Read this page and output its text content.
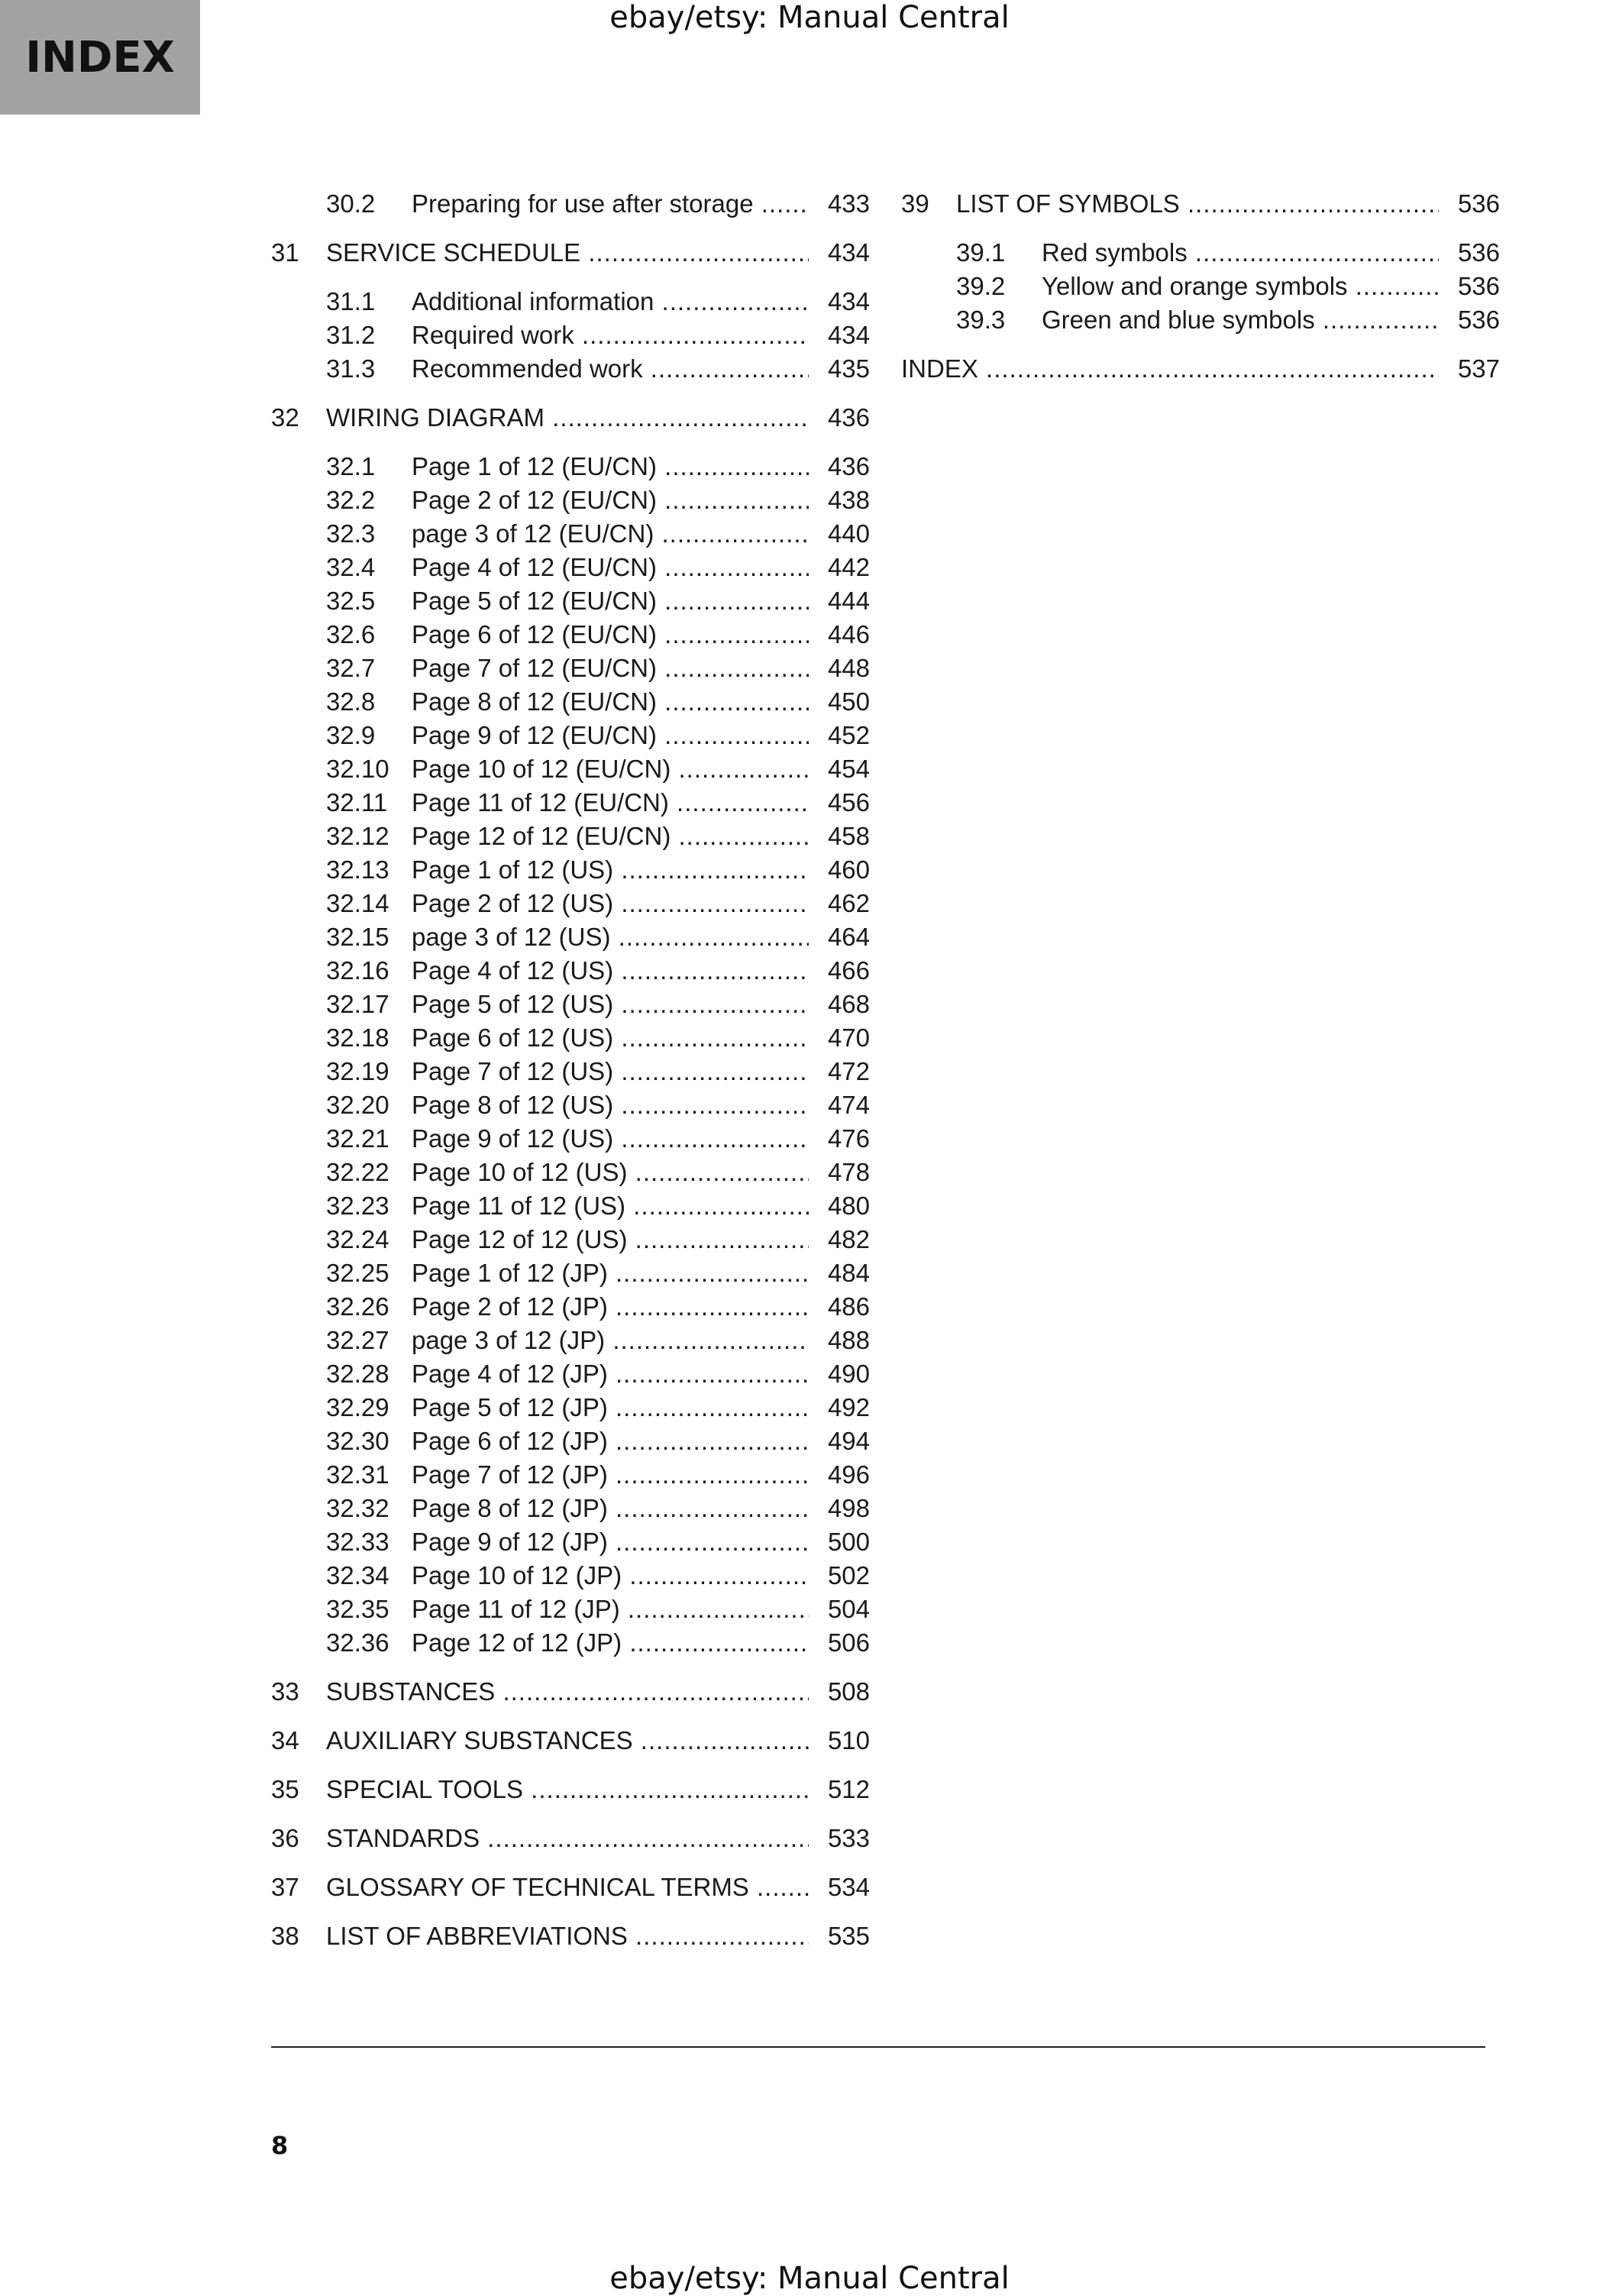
INDEX
ebay/etsy: Manual Central
30.2	Preparing for use after storage .....	433
31	SERVICE SCHEDULE .....	434
31.1	Additional information .....	434
31.2	Required work .....	434
31.3	Recommended work .....	435
32	WIRING DIAGRAM .....	436
32.1	Page 1 of 12 (EU/CN) .....	436
32.2	Page 2 of 12 (EU/CN) .....	438
32.3	page 3 of 12 (EU/CN) .....	440
32.4	Page 4 of 12 (EU/CN) .....	442
32.5	Page 5 of 12 (EU/CN) .....	444
32.6	Page 6 of 12 (EU/CN) .....	446
32.7	Page 7 of 12 (EU/CN) .....	448
32.8	Page 8 of 12 (EU/CN) .....	450
32.9	Page 9 of 12 (EU/CN) .....	452
32.10 Page 10 of 12 (EU/CN) .....	454
32.11 Page 11 of 12 (EU/CN) .....	456
32.12 Page 12 of 12 (EU/CN) .....	458
32.13 Page 1 of 12 (US) .....	460
32.14 Page 2 of 12 (US) .....	462
32.15 page 3 of 12 (US) .....	464
32.16 Page 4 of 12 (US) .....	466
32.17 Page 5 of 12 (US) .....	468
32.18 Page 6 of 12 (US) .....	470
32.19 Page 7 of 12 (US) .....	472
32.20 Page 8 of 12 (US) .....	474
32.21 Page 9 of 12 (US) .....	476
32.22 Page 10 of 12 (US) .....	478
32.23 Page 11 of 12 (US) .....	480
32.24 Page 12 of 12 (US) .....	482
32.25 Page 1 of 12 (JP) .....	484
32.26 Page 2 of 12 (JP) .....	486
32.27 page 3 of 12 (JP) .....	488
32.28 Page 4 of 12 (JP) .....	490
32.29 Page 5 of 12 (JP) .....	492
32.30 Page 6 of 12 (JP) .....	494
32.31 Page 7 of 12 (JP) .....	496
32.32 Page 8 of 12 (JP) .....	498
32.33 Page 9 of 12 (JP) .....	500
32.34 Page 10 of 12 (JP) .....	502
32.35 Page 11 of 12 (JP) .....	504
32.36 Page 12 of 12 (JP) .....	506
33	SUBSTANCES .....	508
34	AUXILIARY SUBSTANCES .....	510
35	SPECIAL TOOLS .....	512
36	STANDARDS .....	533
37	GLOSSARY OF TECHNICAL TERMS .....	534
38	LIST OF ABBREVIATIONS .....	535
39	LIST OF SYMBOLS .....	536
39.1	Red symbols .....	536
39.2	Yellow and orange symbols .....	536
39.3	Green and blue symbols .....	536
INDEX .....	537
8
ebay/etsy: Manual Central
